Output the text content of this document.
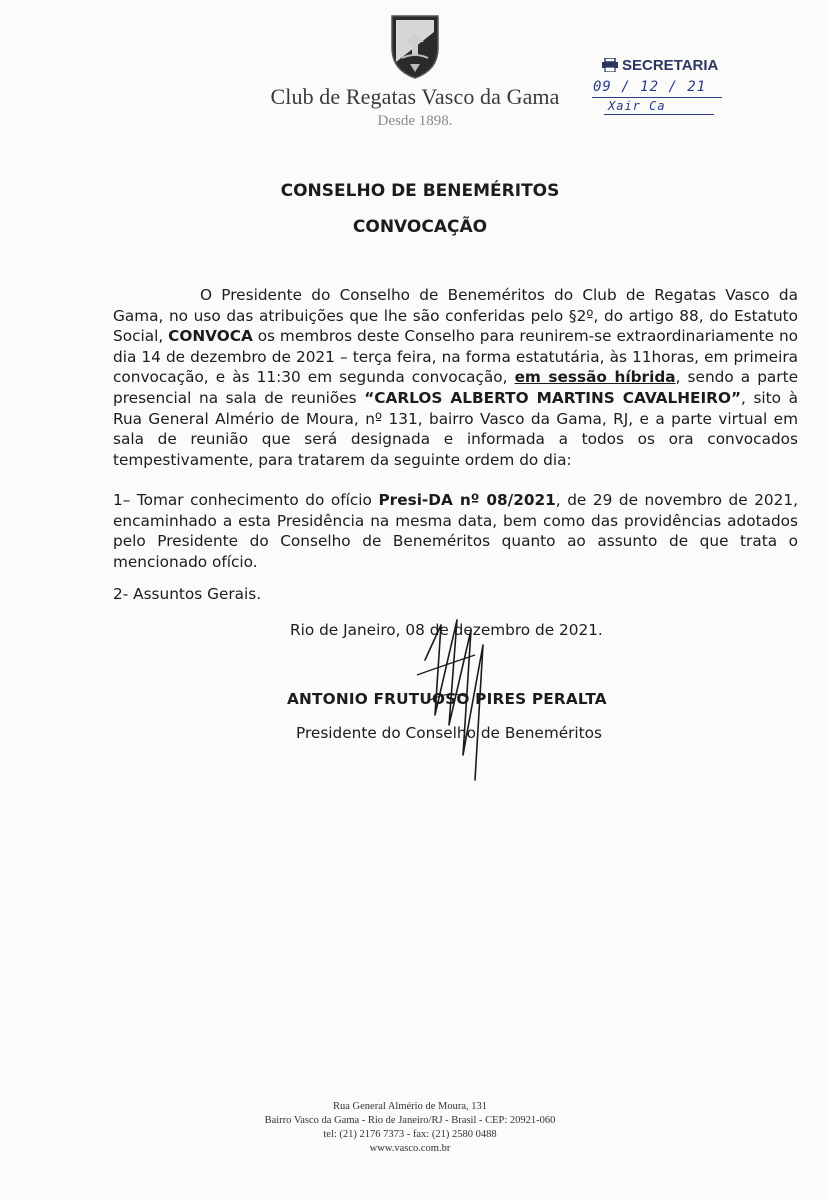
Club de Regatas Vasco da Gama
Desde 1898.
SECRETARIA
09 / 12 / 21
Xair Ca
CONSELHO DE BENEMÉRITOS
CONVOCAÇÃO
O Presidente do Conselho de Beneméritos do Club de Regatas Vasco da Gama, no uso das atribuições que lhe são conferidas pelo §2º, do artigo 88, do Estatuto Social, CONVOCA os membros deste Conselho para reunirem-se extraordinariamente no dia 14 de dezembro de 2021 – terça feira, na forma estatutária, às 11horas, em primeira convocação, e às 11:30 em segunda convocação, em sessão híbrida, sendo a parte presencial na sala de reuniões “CARLOS ALBERTO MARTINS CAVALHEIRO”, sito à Rua General Almério de Moura, nº 131, bairro Vasco da Gama, RJ, e a parte virtual em sala de reunião que será designada e informada a todos os ora convocados tempestivamente, para tratarem da seguinte ordem do dia:
1– Tomar conhecimento do ofício Presi-DA nº 08/2021, de 29 de novembro de 2021, encaminhado a esta Presidência na mesma data, bem como das providências adotados pelo Presidente do Conselho de Beneméritos quanto ao assunto de que trata o mencionado ofício.
2- Assuntos Gerais.
Rio de Janeiro, 08 de dezembro de 2021.
ANTONIO FRUTUOSO PIRES PERALTA
Presidente do Conselho de Beneméritos
Rua General Almério de Moura, 131
Bairro Vasco da Gama - Rio de Janeiro/RJ - Brasil - CEP: 20921-060
tel: (21) 2176 7373 - fax: (21) 2580 0488
www.vasco.com.br
